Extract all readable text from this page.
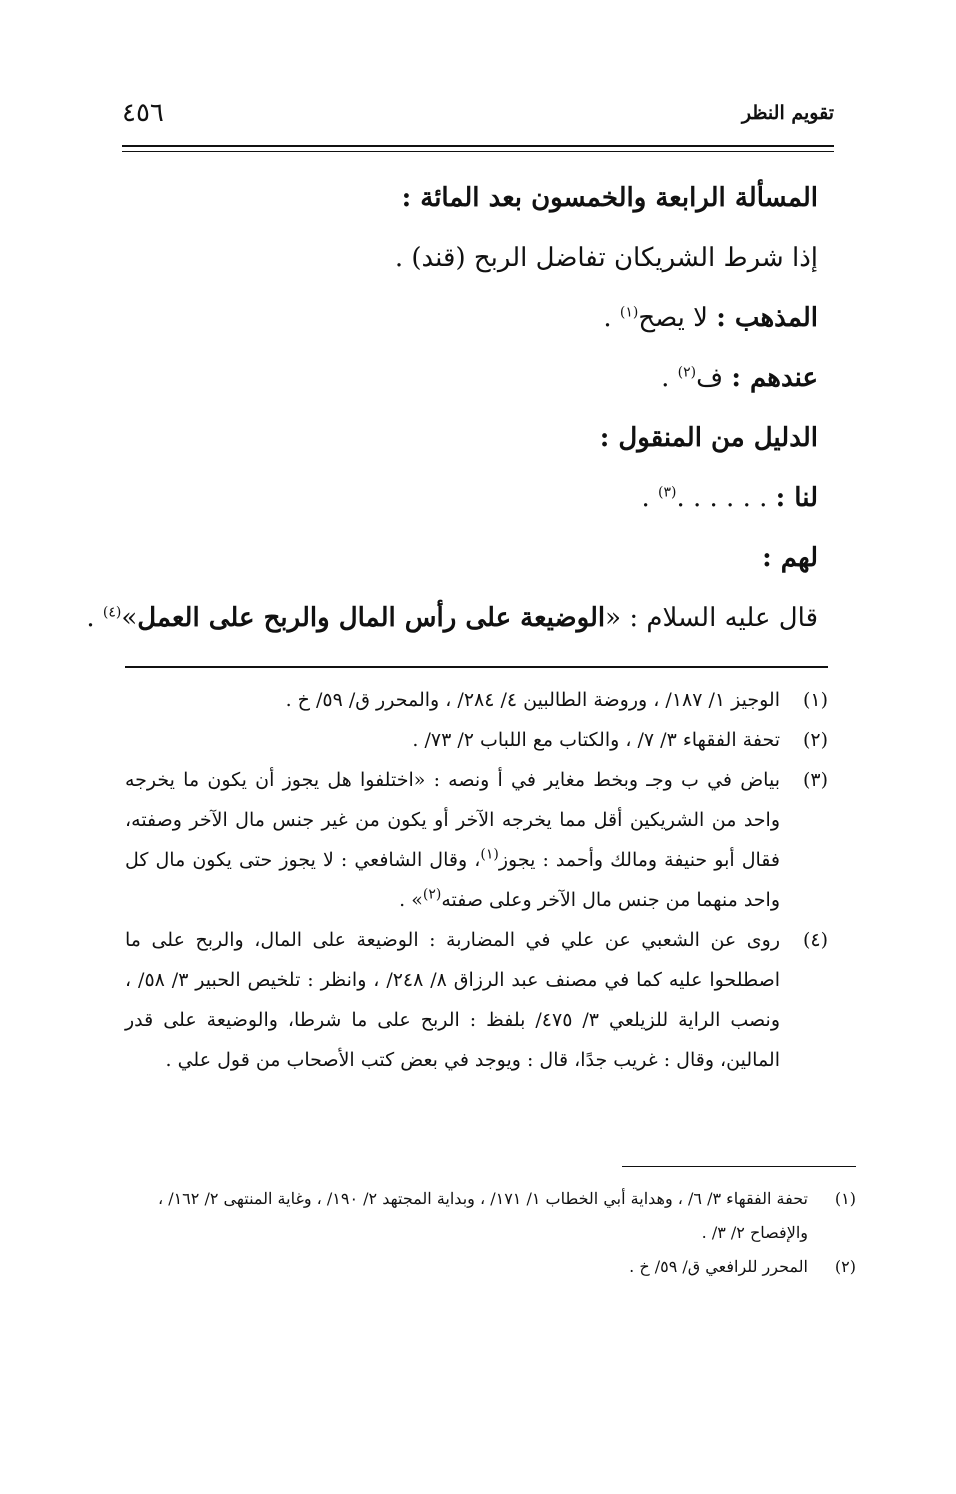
تقويم النظر
٤٥٦
المسألة الرابعة والخمسون بعد المائة :
إذا شرط الشريكان تفاضل الربح (قند) .
المذهب : لا يصح$^{(١)}$ .
عندهم : ف$^{(٢)}$ .
الدليل من المنقول :
لنا : . . . . . .$^{(٣)}$ .
لهم :
قال عليه السلام : «الوضيعة على رأس المال والربح على العمل»$^{(٤)}$ .
(١)
الوجيز ١/ ١٨٧/ ، وروضة الطالبين ٤/ ٢٨٤/ ، والمحرر ق/ ٥٩/ خ .
(٢)
تحفة الفقهاء ٣/ ٧/ ، والكتاب مع اللباب ٢/ ٧٣/ .
(٣)
بياض في ب وجـ وبخط مغاير في أ ونصه : «اختلفوا هل يجوز أن يكون ما يخرجه واحد من الشريكين أقل مما يخرجه الآخر أو يكون من غير جنس مال الآخر وصفته، فقال أبو حنيفة ومالك وأحمد : يجوز$^{(١)}$، وقال الشافعي : لا يجوز حتى يكون مال كل واحد منهما من جنس مال الآخر وعلى صفته$^{(٢)}$» .
(٤)
روى عن الشعبي عن علي في المضاربة : الوضيعة على المال، والربح على ما اصطلحوا عليه كما في مصنف عبد الرزاق ٨/ ٢٤٨/ ، وانظر : تلخيص الحبير ٣/ ٥٨/ ، ونصب الراية للزيلعي ٣/ ٤٧٥/ بلفظ : الربح على ما شرطا، والوضيعة على قدر المالين، وقال : غريب جدًا، قال : ويوجد في بعض كتب الأصحاب من قول علي .
(١)
تحفة الفقهاء ٣/ ٦/ ، وهداية أبي الخطاب ١/ ١٧١/ ، وبداية المجتهد ٢/ ١٩٠/ ، وغاية المنتهى ٢/ ١٦٢/ ، والإفصاح ٢/ ٣/ .
(٢)
المحرر للرافعي ق/ ٥٩/ خ .
